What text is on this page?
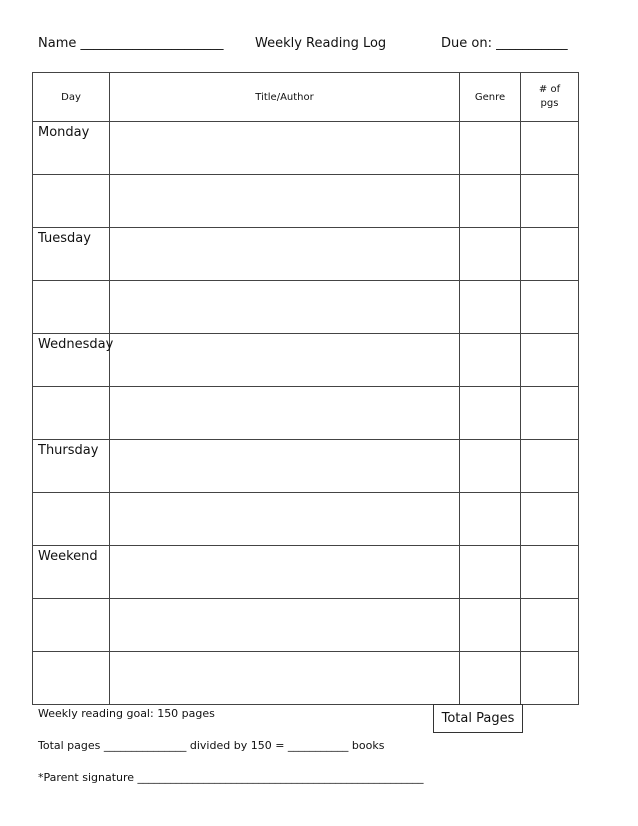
Name ______________________ Weekly Reading Log	Due on: ___________
Day	Title/Author	Genre	# of
pgs

Monday			

Tuesday			

Wednesday			

Thursday			

Weekend			

Weekly reading goal: 150 pages	Total Pages
Total pages _______________ divided by 150 = ___________ books
*Parent signature ____________________________________________________
